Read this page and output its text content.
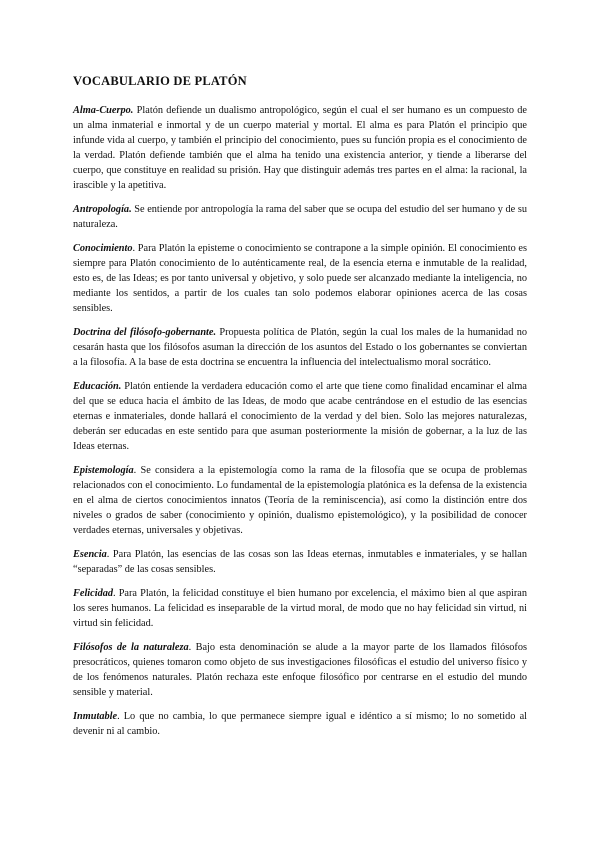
VOCABULARIO DE PLATÓN

Alma-Cuerpo. Platón defiende un dualismo antropológico, según el cual el ser humano es un compuesto de un alma inmaterial e inmortal y de un cuerpo material y mortal. El alma es para Platón el principio que infunde vida al cuerpo, y también el principio del conocimiento, pues su función propia es el conocimiento de la verdad. Platón defiende también que el alma ha tenido una existencia anterior, y tiende a liberarse del cuerpo, que constituye en realidad su prisión. Hay que distinguir además tres partes en el alma: la racional, la irascible y la apetitiva.

Antropología. Se entiende por antropología la rama del saber que se ocupa del estudio del ser humano y de su naturaleza.

Conocimiento. Para Platón la episteme o conocimiento se contrapone a la simple opinión. El conocimiento es siempre para Platón conocimiento de lo auténticamente real, de la esencia eterna e inmutable de la realidad, esto es, de las Ideas; es por tanto universal y objetivo, y solo puede ser alcanzado mediante la inteligencia, no mediante los sentidos, a partir de los cuales tan solo podemos elaborar opiniones acerca de las cosas sensibles.

Doctrina del filósofo-gobernante. Propuesta política de Platón, según la cual los males de la humanidad no cesarán hasta que los filósofos asuman la dirección de los asuntos del Estado o los gobernantes se conviertan a la filosofía. A la base de esta doctrina se encuentra la influencia del intelectualismo moral socrático.

Educación. Platón entiende la verdadera educación como el arte que tiene como finalidad encaminar el alma del que se educa hacia el ámbito de las Ideas, de modo que acabe centrándose en el estudio de las esencias eternas e inmateriales, donde hallará el conocimiento de la verdad y del bien. Solo las mejores naturalezas, deberán ser educadas en este sentido para que asuman posteriormente la misión de gobernar, a la luz de las Ideas eternas.

Epistemología. Se considera a la epistemología como la rama de la filosofía que se ocupa de problemas relacionados con el conocimiento. Lo fundamental de la epistemología platónica es la defensa de la existencia en el alma de ciertos conocimientos innatos (Teoría de la reminiscencia), así como la distinción entre dos niveles o grados de saber (conocimiento y opinión, dualismo epistemológico), y la posibilidad de conocer verdades eternas, universales y objetivas.

Esencia. Para Platón, las esencias de las cosas son las Ideas eternas, inmutables e inmateriales, y se hallan “separadas” de las cosas sensibles.

Felicidad. Para Platón, la felicidad constituye el bien humano por excelencia, el máximo bien al que aspiran los seres humanos. La felicidad es inseparable de la virtud moral, de modo que no hay felicidad sin virtud, ni virtud sin felicidad.

Filósofos de la naturaleza. Bajo esta denominación se alude a la mayor parte de los llamados filósofos presocráticos, quienes tomaron como objeto de sus investigaciones filosóficas el estudio del universo físico y de los fenómenos naturales. Platón rechaza este enfoque filosófico por centrarse en el estudio del mundo sensible y material.

Inmutable. Lo que no cambia, lo que permanece siempre igual e idéntico a sí mismo; lo no sometido al devenir ni al cambio.
